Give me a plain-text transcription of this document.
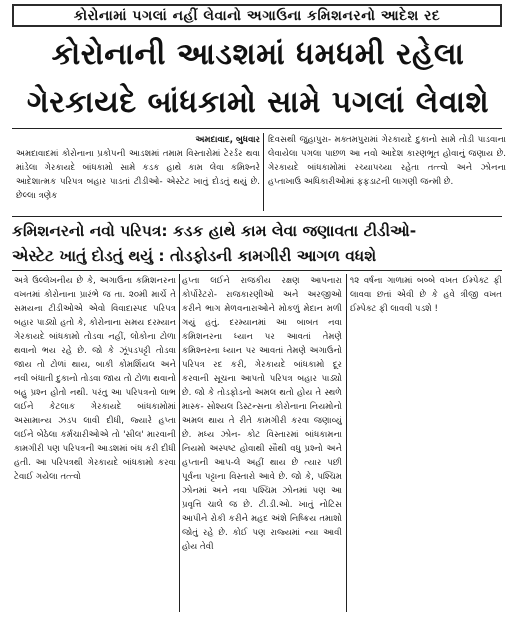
કોરોનામાં પગલાં નહીં લેવાનો અગાઉના કમિશનરનો આદેશ રદ
કોરોનાની આડશમાં ધમધમી રહેલા
ગેરકાયદે બાંધકામો સામે પગલાં લેવાશે
અમદાવાદ, બુધવાર
અમદાવાદમાં કોરોનાના પ્રકોપની આડશમાં તમામ વિસ્તારોમાં ટેરર્ડર થવા માંડેલા ગેરકાયદે બાંધકામો સામે કડક હાથે કામ લેવા કમિશ્નરે આદેશાત્મક પરિપત્ર બહાર પાડતાં ટીડીઓ- એસ્ટેટ ખાતું દોડતું થયું છે. છેલ્લા ત્રણેક
દિવસથી જુહાપુરા- મક્તમપુરામાં ગેરકાયદે દુકાનો સામે તોડી પાડવાના લેવાયેલા પગલા પાછળ આ નવો આદેશ કારણભૂત હોવાનું જણાય છે. ગેરકાયદે બાંધકામોમાં રચ્યાપચ્યા રહેતા તત્ત્વો અને ઝોનના હપ્તાખાઉ અધિકારીઓમાં ફફડાટની લાગણી જન્મી છે.
કમિશનરનો નવો પરિપત્ર: કડક હાથે કામ લેવા જણાવતા ટીડીઓ-
એસ્ટેટ ખાતું દોડતું થયું : તોડફોડની કામગીરી આગળ વધશે
અત્રે ઉલ્લેખનીય છે કે, અગાઉના કમિશનરના વખતમાં કોરોનાના પ્રારંભે જ તા. ૨૦મી માર્ચે તે સમયના ટીડીઓએ એવો વિવાદાસ્પદ પરિપત્ર બહાર પાડ્યો હતો કે, કોરોનાના સમય દરમ્યાન ગેરકાયદે બાંધકામો તોડવા નહીં, લોકોના ટોળા થવાનો ભય રહે છે. જો કે ઝૂંપડપટ્ટી તોડવા જાય તો ટોળાં થાય, બાકી કોમર્શિયલ અને નવી બંધાતી દુકાનો તોડવા જાય તો ટોળા થવાનો બહુ પ્રશ્ન હોતો નથી. પરંતુ આ પરિપત્રનો લાભ લઈને કેટલાક ગેરકાયદે બાંધકામોમાં અસામાન્ય ઝડપ લાવી દીધી, જ્યારે હપ્તા લઈને બેઠેલા કર્મચારીઓએ તો 'સીલ' મારવાની કામગીરી પણ પરિપત્રની આડશમાં બંધ કરી દીધી હતી. આ પરિપત્રથી ગેરકાયદે બાંધકામો કરવા ટેવાઈ ગયેલા તત્ત્વો
હપ્તા લઈને રાજકીય રક્ષણ આપનારા કોર્પોરેટરો- રાજકારણીઓ અને અરજીઓ કરીને ભાગ મેળવનારાઓને મોકળું મેદાન મળી ગયું હતું. દરમ્યાનમાં આ બાબત નવા કમિશનરના ધ્યાન પર આવતાં તેમણે કમિશ્નરના ધ્યાન પર આવતાં તેમણે અગાઉનો પરિપત્ર રદ કરી, ગેરકાયદે બાંધકામો દૂર કરવાની સૂચના આપતો પરિપત્ર બહાર પાડ્યો છે. જો કે તોડફોડનો અમલ થતો હોય તે સ્થળે માસ્ક- સોશ્યલ ડિસ્ટન્સના કોરોનાના નિયમોનો અમલ થાય તે રીતે કામગીરી કરવા જણાવ્યું છે. મધ્ય ઝોન- કોટ વિસ્તારમાં બાંધકામના નિયમો અસ્પષ્ટ હોવાથી સૌથી વધુ પ્રશ્નો અને હપ્તાની આપ-લે અહીં થાય છે ત્યાર પછી પૂર્વના પટ્ટાના વિસ્તારો આવે છે. જો કે, પશ્ચિમ ઝોનમાં અને નવા પશ્ચિમ ઝોનમાં પણ આ પ્રવૃત્તિ ચાલે જ છે. ટી.ડી.ઓ. ખાતું નોટિસ આપીને રોકી કરીને મહદ અંશે નિષ્ક્રિય તમાશો જોતું રહે છે. કોઈ પણ રાજ્યમાં ન્યા આવી હોય તેવી
૧૨ વર્ષના ગાળામાં બબ્બે વખત ઈમ્પેક્ટ ફી લાવવા છતાં એવી છે કે હવે ત્રીજી વખત ઈમ્પેક્ટ ફી લાવવી પડશે !
